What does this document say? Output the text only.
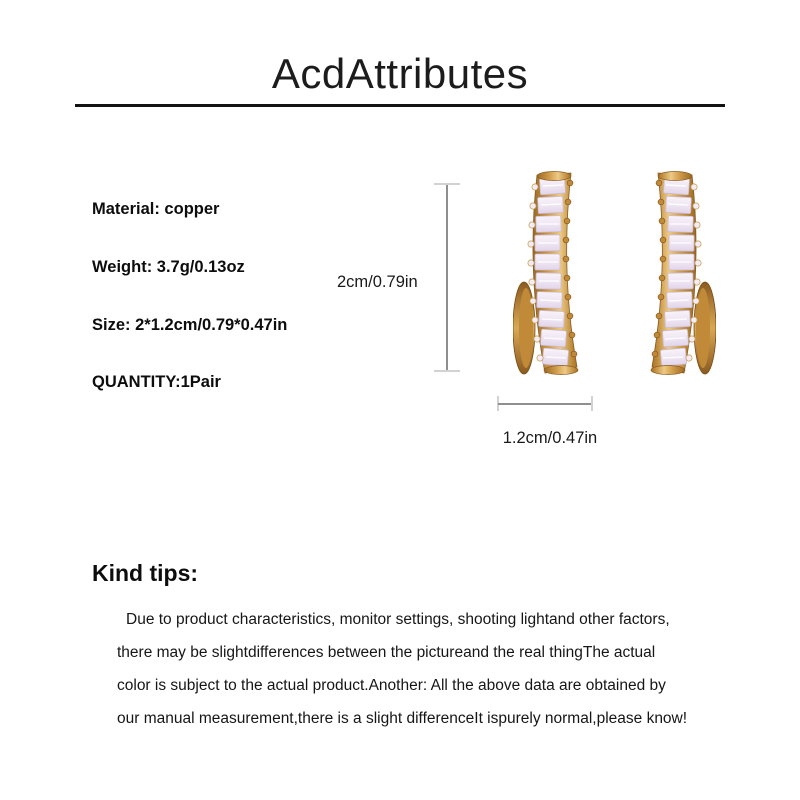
AcdAttributes
Material: copper
Weight: 3.7g/0.13oz
Size: 2*1.2cm/0.79*0.47in
QUANTITY:1Pair
2cm/0.79in
1.2cm/0.47in
Kind tips:
Due to product characteristics, monitor settings, shooting lightand other factors,
there may be slightdifferences between the pictureand the real thingThe actual
color is subject to the actual product.Another: All the above data are obtained by
our manual measurement,there is a slight differenceIt ispurely normal,please know!
